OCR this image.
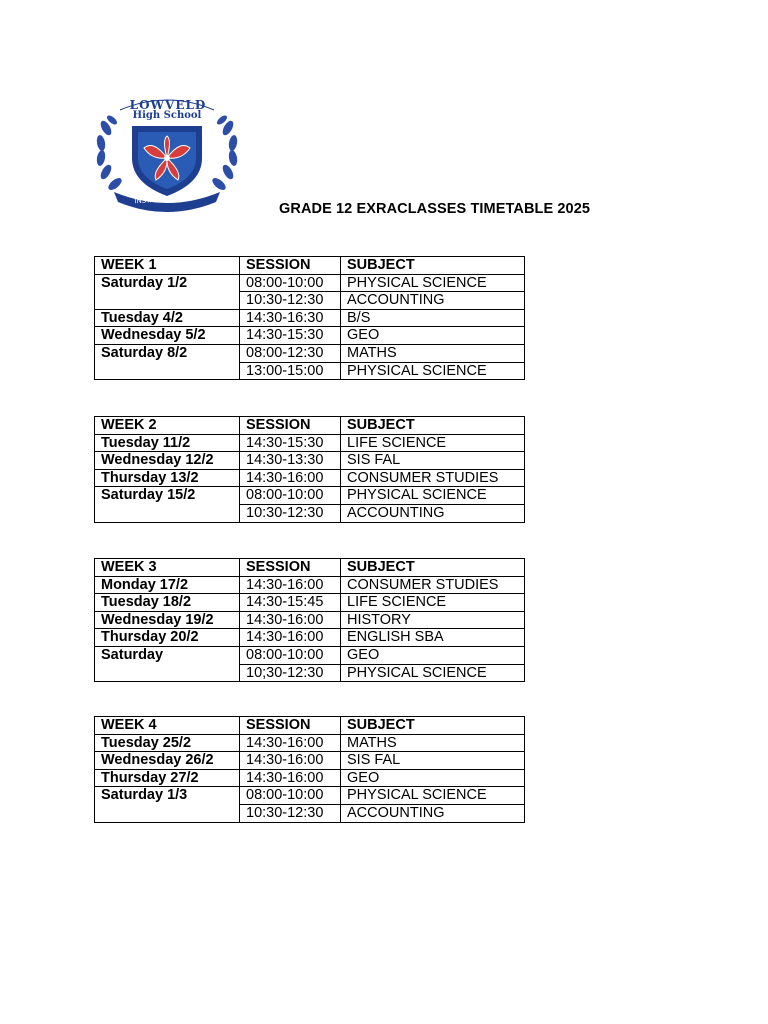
LOWVELD
High School
INSTANDUM OPERI
GRADE 12 EXRACLASSES TIMETABLE 2025
WEEK 1	SESSION	SUBJECT
Saturday 1/2	08:00-10:00	PHYSICAL SCIENCE
	10:30-12:30	ACCOUNTING
Tuesday 4/2	14:30-16:30	B/S
Wednesday 5/2	14:30-15:30	GEO
Saturday 8/2	08:00-12:30	MATHS
	13:00-15:00	PHYSICAL SCIENCE
WEEK 2	SESSION	SUBJECT
Tuesday 11/2	14:30-15:30	LIFE SCIENCE
Wednesday 12/2	14:30-13:30	SIS FAL
Thursday 13/2	14:30-16:00	CONSUMER STUDIES
Saturday 15/2	08:00-10:00	PHYSICAL SCIENCE
	10:30-12:30	ACCOUNTING
WEEK 3	SESSION	SUBJECT
Monday 17/2	14:30-16:00	CONSUMER STUDIES
Tuesday 18/2	14:30-15:45	LIFE SCIENCE
Wednesday 19/2	14:30-16:00	HISTORY
Thursday 20/2	14:30-16:00	ENGLISH SBA
Saturday	08:00-10:00	GEO
	10;30-12:30	PHYSICAL SCIENCE
WEEK 4	SESSION	SUBJECT
Tuesday 25/2	14:30-16:00	MATHS
Wednesday 26/2	14:30-16:00	SIS FAL
Thursday 27/2	14:30-16:00	GEO
Saturday 1/3	08:00-10:00	PHYSICAL SCIENCE
	10:30-12:30	ACCOUNTING
